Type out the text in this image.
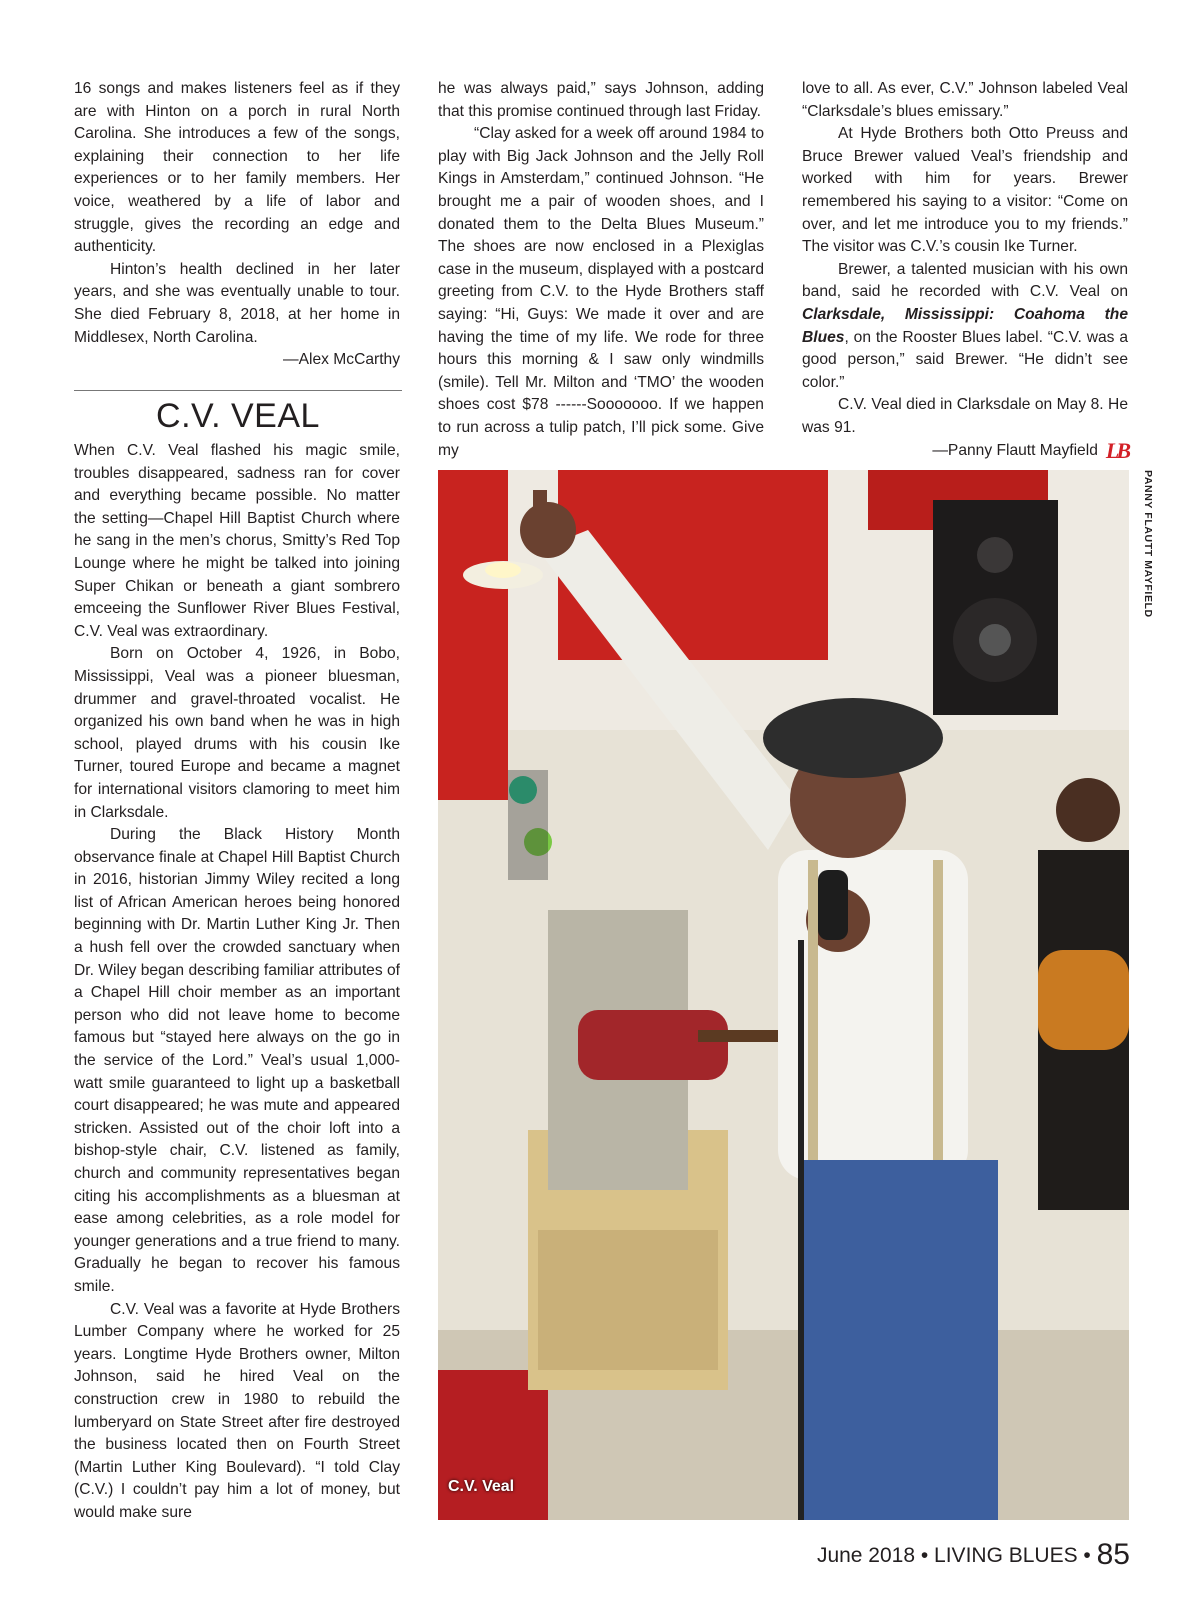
16 songs and makes listeners feel as if they are with Hinton on a porch in rural North Carolina. She introduces a few of the songs, explaining their connection to her life experiences or to her family members. Her voice, weathered by a life of labor and struggle, gives the recording an edge and authenticity.

Hinton’s health declined in her later years, and she was eventually unable to tour. She died February 8, 2018, at her home in Middlesex, North Carolina.

—Alex McCarthy

C.V. VEAL

When C.V. Veal flashed his magic smile, troubles disappeared, sadness ran for cover and everything became possible. No matter the setting—Chapel Hill Baptist Church where he sang in the men’s chorus, Smitty’s Red Top Lounge where he might be talked into joining Super Chikan or beneath a giant sombrero emceeing the Sunflower River Blues Festival, C.V. Veal was extraordinary.

Born on October 4, 1926, in Bobo, Mississippi, Veal was a pioneer bluesman, drummer and gravel-throated vocalist. He organized his own band when he was in high school, played drums with his cousin Ike Turner, toured Europe and became a magnet for international visitors clamoring to meet him in Clarksdale.

During the Black History Month observance finale at Chapel Hill Baptist Church in 2016, historian Jimmy Wiley recited a long list of African American heroes being honored beginning with Dr. Martin Luther King Jr. Then a hush fell over the crowded sanctuary when Dr. Wiley began describing familiar attributes of a Chapel Hill choir member as an important person who did not leave home to become famous but “stayed here always on the go in the service of the Lord.” Veal’s usual 1,000-watt smile guaranteed to light up a basketball court disappeared; he was mute and appeared stricken. Assisted out of the choir loft into a bishop-style chair, C.V. listened as family, church and community representatives began citing his accomplishments as a bluesman at ease among celebrities, as a role model for younger generations and a true friend to many. Gradually he began to recover his famous smile.

C.V. Veal was a favorite at Hyde Brothers Lumber Company where he worked for 25 years. Longtime Hyde Brothers owner, Milton Johnson, said he hired Veal on the construction crew in 1980 to rebuild the lumberyard on State Street after fire destroyed the business located then on Fourth Street (Martin Luther King Boulevard). “I told Clay (C.V.) I couldn’t pay him a lot of money, but would make sure

he was always paid,” says Johnson, adding that this promise continued through last Friday.

“Clay asked for a week off around 1984 to play with Big Jack Johnson and the Jelly Roll Kings in Amsterdam,” continued Johnson. “He brought me a pair of wooden shoes, and I donated them to the Delta Blues Museum.” The shoes are now enclosed in a Plexiglas case in the museum, displayed with a postcard greeting from C.V. to the Hyde Brothers staff saying: “Hi, Guys: We made it over and are having the time of my life. We rode for three hours this morning & I saw only windmills (smile). Tell Mr. Milton and ‘TMO’ the wooden shoes cost $78 ------Sooooooo. If we happen to run across a tulip patch, I’ll pick some. Give my

love to all. As ever, C.V.” Johnson labeled Veal “Clarksdale’s blues emissary.”

At Hyde Brothers both Otto Preuss and Bruce Brewer valued Veal’s friendship and worked with him for years. Brewer remembered his saying to a visitor: “Come on over, and let me introduce you to my friends.” The visitor was C.V.’s cousin Ike Turner.

Brewer, a talented musician with his own band, said he recorded with C.V. Veal on Clarksdale, Mississippi: Coahoma the Blues, on the Rooster Blues label. “C.V. was a good person,” said Brewer. “He didn’t see color.”

C.V. Veal died in Clarksdale on May 8. He was 91.

—Panny Flautt Mayfield LB

C.V. Veal
PANNY FLAUTT MAYFIELD
June 2018 • LIVING BLUES • 85
